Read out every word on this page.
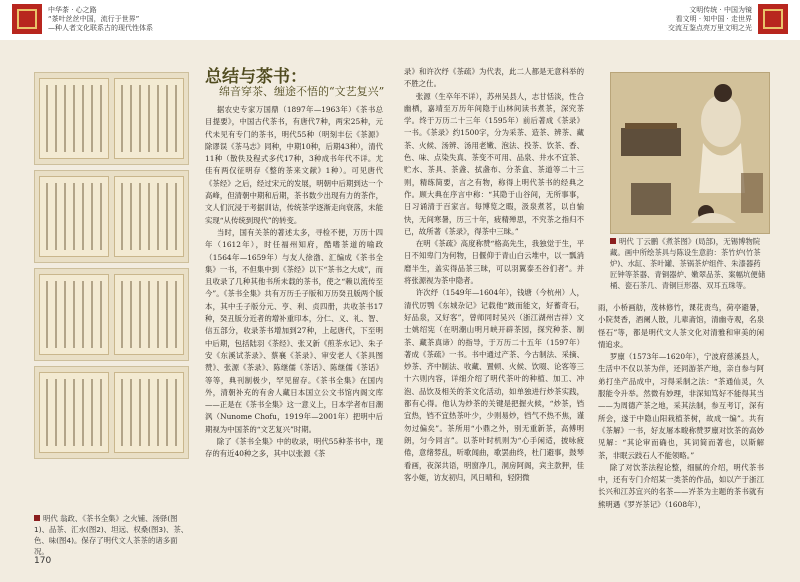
中华茶 · 心之路
“茶叶丝丝中国，流行于世界”
—种人者文化联系古的现代性体系
文明传统 · 中国为镜
看文明 · 知中国 · 走世界
交流互鉴点亮万里文明之光
明代 翁政、《茶书全集》之火铺、汤驿(图1)、品茶、汇水(图2)、坦远、权桑(图3)、茶、色、味(图4)。保存了明代文人茶茶的诸多面况。
170
总结与茶书：
绵音穿茶、缠途不悟的“文艺复兴”

据农史专家万国鼎（1897年—1963年）《茶书总目提要》，中国古代茶书，有唐代7种，两宋25种，元代未见有专门的茶书，明代55种（明刻丰伝《茶源》除谬误《茶马志》同种，中期10种，后期43种），清代11种（散佚及程式多代17种，3种成书年代不详。尤佳有两仅征明存《整的茶来文献》1种）。可见唐代《茶经》之后，经过宋元的发展，明朝中后期到达一个高峰，但清朝中期和后期，茶书数少出现有力的茶作，文人们沉浸于考据训诂，传统茶学逐渐走向衰落，未能实现“从传统到现代”的转变。

当时，国有关茶的著述太多，寻检不便，万历十四年（1612年），时任福州知府，酷嗜茶道的喻政（1564年—1659年）与友人徐渤、汇编成《茶书全集》一书，不但集中到《茶经》以下“茶书之大成”，而且收录了几种其他书所未载的茶书，使之“赖以流传至今”。《茶书全集》共有万历壬子版和万历癸丑版两个版本，其中壬子版分元、亨、利、贞四册，共收茶书17种，癸丑版分近者的增补重印本，分仁、义、礼、智、信五部分，收录茶书增加到27种，上起唐代，下至明中后期，包括陆羽《茶经》、张又新《煎茶水记》、朱子安《东溪试茶录》、蔡襄《茶录》、审安老人《茶具图赞》、张源《茶录》、陈继儒《茶话》、陈继儒《茶话》等等，典刊制极少，罕见留存。《茶书全集》在国内外，清朝补充的有舍人藏日本国立公文书馆内阁文库——正是在《茶书全集》这一意义上，日本学者布目潮沨（Nunome Chofu，1919年—2001年）把明中后期视为中国茶的“文艺复兴”时期。

除了《茶书全集》中的收录，明代55种茶书中，现存的有近40种之多，其中以张源《茶

录》和许次纾《茶疏》为代表，此二人都是无意科举的不胜之仕。

张源（生卒年不详），苏州吴县人，志甘恬淡，性合幽栖，嘉靖至万历年间隐于山林间读书煮茶，深究茶学。终于万历二十三年（1595年）前后著成《茶录》一书。《茶录》约1500字，分为采茶、造茶、辨茶、藏茶、火候、汤辨、汤用老嫩、泡法、投茶、饮茶、香、色、味、点染失真、茶变不可用、品泉、井水不宜茶、贮水、茶具、茶盏、拭盏布、分茶盒、茶道等二十三则，精练简要，言之有物，称得上明代茶书的经典之作。顾大典在序言中称：“其隐于山谷间，无所事事，日习诵清于百家言。每博览之暇，汲泉煮茗，以自愉快，无间寒暑，历三十年，疲精殚思，不究茶之指归不已，故所著《茶录》，得茶中三昧。”

在明《茶疏》高度称赞“格高先生，我独觉于生，平日不知卑门为何物，日偃仰于青山白云堆中，以一瓢消磨半生，盖实得品茶三昧，可以羽翼泰丕谷们者”。并将张源视为茶中隐者。

许次纾（1549年—1604年），钱塘（今杭州）人，清代厉鹗《东城杂记》记载他“跛而能文，好蓄奇石，好品泉，又好客”，曾师同时吴兴（浙江湖州吉祥）文士姚绍宪（在明潮山明月峡开辟茶园，探究种茶、制茶、藏茶真谛）的指导，于万历二十五年（1597年）著成《茶疏》一书。书中通过产茶、今古制法、采摘、炒茶、齐中制法、收藏、置顿、火候、饮啜、论客等三十六则内容，详细介绍了明代茶叶的种植、加工、冲泡、品饮及相关的茶文化活动，如单独进行炒茶实践，都有心得。他认为炒茶的关键是把握火候，“炒茶，铛宜热，铛不宜热茶叶少，少则易炒，铛气不热不焦，谨勿过偏矣”。茶所用“小鼎之外，别无重新茶，高傅明朗，匀今同言”。以茶叶时机则为“心手闲适，披咏疲倦，意绪棼乱，听歌闻曲，歌罢曲终，杜门避事，鼓琴看画，夜深共语，明窗净几，洞房阿阁，宾主款狎，佳客小姬，访友初归，风日晴和，轻阴微

明代 丁云鹏《煮茶图》(局部)，无锡博物院藏。画中所绘茶具与陈设生意韵：茶竹炉(竹茶炉)、水缸、茶叶罐、茶锅茶炉组件、朱漆器药匠钟等茶器、青铜器炉、嫩翠品茶、案幅坑便储桶、瓷石茶几、青铜巨形器、双耳五珠等。

雨，小桥画舫，茂林修竹，课花责鸟，荷亭避暑，小院焚香，酒阑人散，儿辈斋馆，清幽寺观，名泉怪石”等，都是明代文人茶文化对清雅和审美的闲情追求。

罗廪（1573年—1620年），宁波府慈溪县人，生活中不仅以茶为伴，还同游茶产地，亲自参与阿弟打坐产品成中，习得采制之法：“茶通仙灵，久服能令升举。然微有妙理，非深知笃好不能得其当——为周德产茶之地，采其法制，参互考订，深有所会，遂于中隐山阳栽植茶树，故成一编”。共有《茶解》一书，好友屠本畯称赞罗廪对饮茶的高妙见解：“其论审而确也，其词简而著也，以斯解茶，非眠云跂石人不能领略。”

除了对饮茶法程论整，细腻的介绍，明代茶书中，还有专门介绍某一类茶的作品，如以产于浙江长兴和江苏宜兴的名茶——岕茶为主题的茶书就有熊明遇《罗岕茶记》（1608年），
